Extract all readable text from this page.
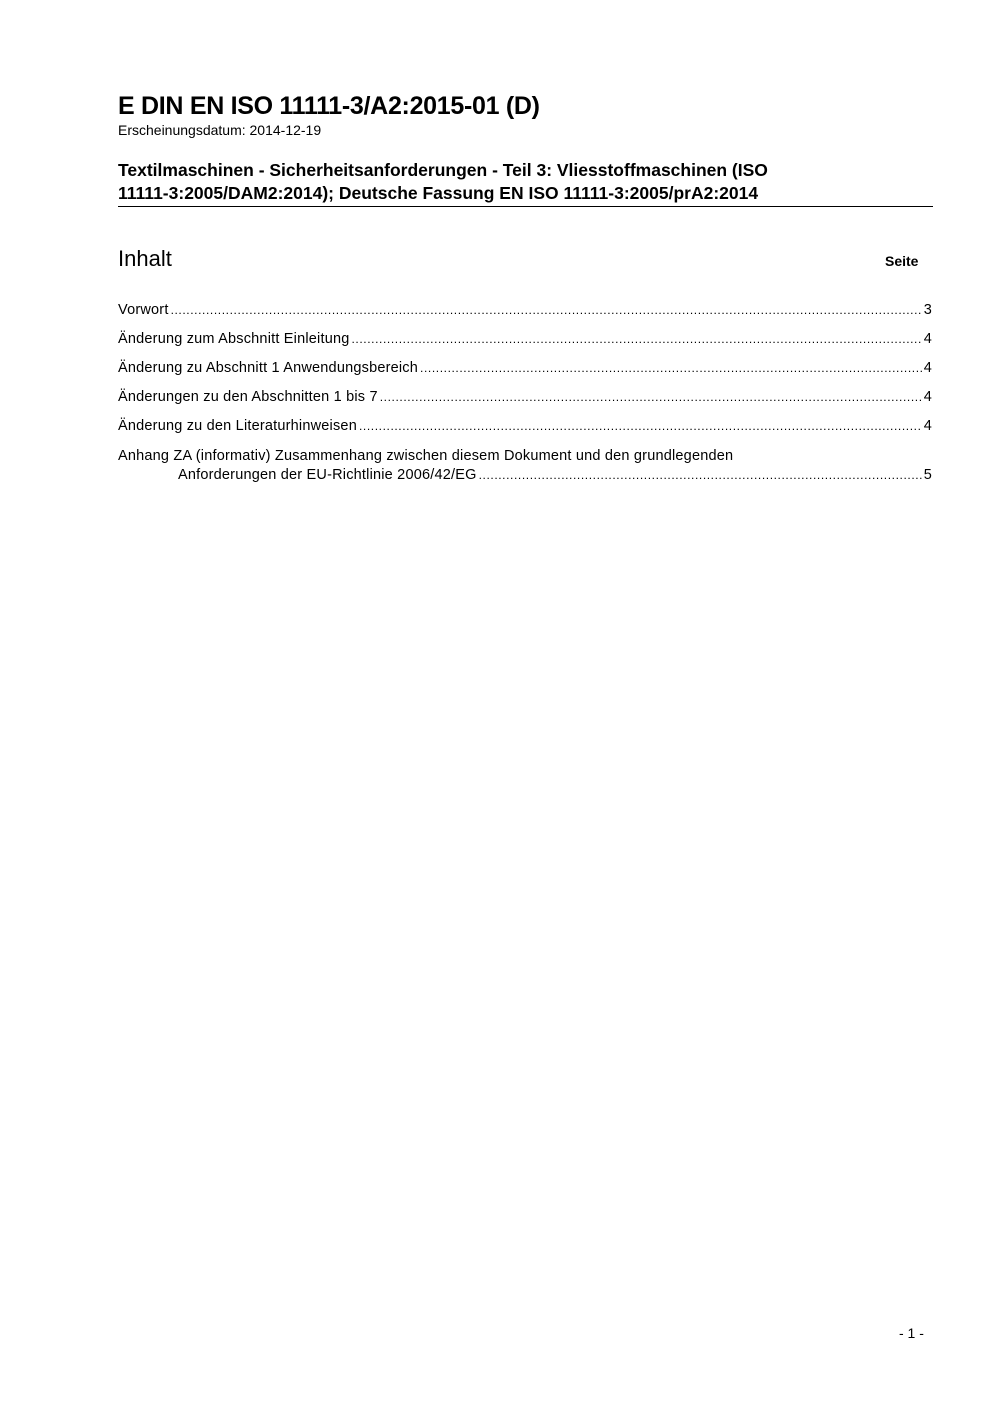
E DIN EN ISO 11111-3/A2:2015-01 (D)
Erscheinungsdatum: 2014-12-19
Textilmaschinen - Sicherheitsanforderungen - Teil 3: Vliesstoffmaschinen (ISO
11111-3:2005/DAM2:2014); Deutsche Fassung EN ISO 11111-3:2005/prA2:2014
Inhalt	Seite
Vorwort .....	3
Änderung zum Abschnitt Einleitung .....	4
Änderung zu Abschnitt 1 Anwendungsbereich .....	4
Änderungen zu den Abschnitten 1 bis 7 .....	4
Änderung zu den Literaturhinweisen .....	4
Anhang ZA (informativ) Zusammenhang zwischen diesem Dokument und den grundlegenden
Anforderungen der EU-Richtlinie 2006/42/EG .....	5
- 1 -
